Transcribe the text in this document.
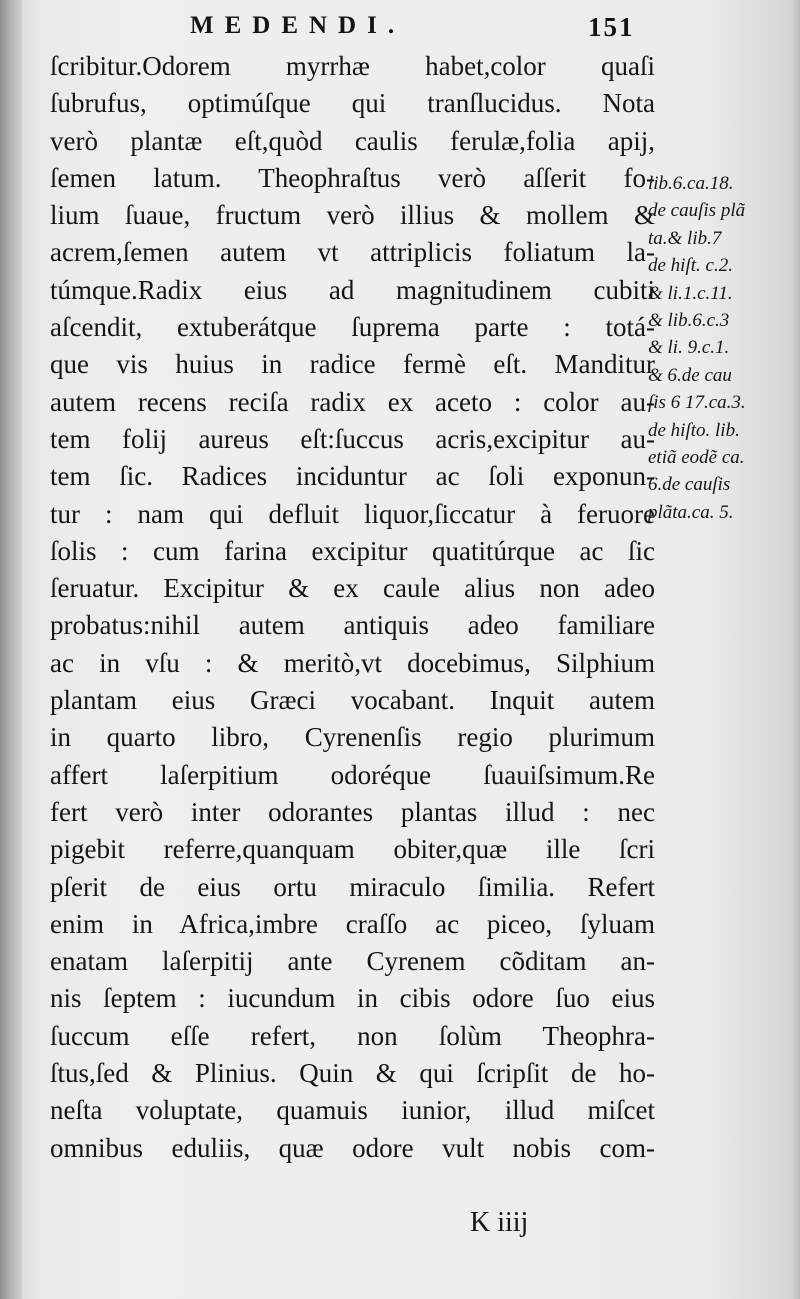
MEDENDI.	151
ſcribitur.Odorem myrrhæ habet,color quaſi
ſubrufus, optimúſque qui tranſlucidus. Nota
verò plantæ eſt,quòd caulis ferulæ,folia apij,
ſemen latum. Theophraſtus verò aſſerit fo-
lium ſuaue, fructum verò illius & mollem &
acrem,ſemen autem vt attriplicis foliatum la-
túmque.Radix eius ad magnitudinem cubiti
aſcendit, extuberátque ſuprema parte : totá-
que vis huius in radice fermè eſt. Manditur
autem recens reciſa radix ex aceto : color au-
tem folij aureus eſt:ſuccus acris,excipitur au-
tem ſic. Radices inciduntur ac ſoli exponun-
tur : nam qui defluit liquor,ſiccatur à feruore
ſolis : cum farina excipitur quatitúrque ac ſic
ſeruatur. Excipitur & ex caule alius non adeo
probatus:nihil autem antiquis adeo familiare
ac in vſu : & meritò,vt docebimus, Silphium
plantam eius Græci vocabant. Inquit autem
in quarto libro, Cyrenenſis regio plurimum
affert laſerpitium odoréque ſuauiſsimum.Re
fert verò inter odorantes plantas illud : nec
pigebit referre,quanquam obiter,quæ ille ſcri
pſerit de eius ortu miraculo ſimilia. Refert
enim in Africa,imbre craſſo ac piceo, ſyluam
enatam laſerpitij ante Cyrenem cõditam an-
nis ſeptem : iucundum in cibis odore ſuo eius
ſuccum eſſe refert, non ſolùm Theophra-
ſtus,ſed & Plinius. Quin & qui ſcripſit de ho-
neſta voluptate, quamuis iunior, illud miſcet
omnibus eduliis, quæ odore vult nobis com-
lib.6.ca.18.
de cauſis plã
ta.& lib.7
de hiſt. c.2.
& li.1.c.11.
& lib.6.c.3
& li. 9.c.1.
& 6.de cau
ſis 6 17.ca.3.
de hiſto. lib.
etiã eodẽ ca.
6.de cauſis
plãta.ca. 5.
K iiij
